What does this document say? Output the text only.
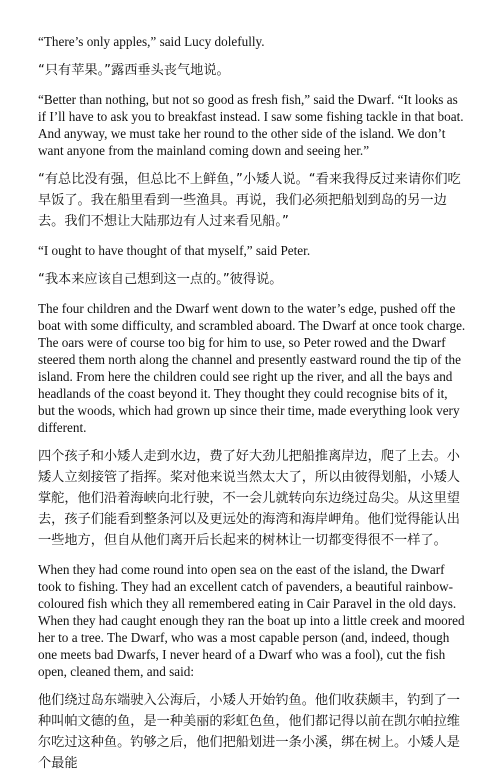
“There’s only apples,” said Lucy dolefully.

“只有苹果。”露西垂头丧气地说。

“Better than nothing, but not so good as fresh fish,” said the Dwarf. “It looks as if I’ll have to ask you to breakfast instead. I saw some fishing tackle in that boat. And anyway, we must take her round to the other side of the island. We don’t want anyone from the mainland coming down and seeing her.”

“有总比没有强，但总比不上鲜鱼，”小矮人说。“看来我得反过来请你们吃早饭了。我在船里看到一些渔具。再说，我们必须把船划到岛的另一边去。我们不想让大陆那边有人过来看见船。”

“I ought to have thought of that myself,” said Peter.

“我本来应该自己想到这一点的。”彼得说。

The four children and the Dwarf went down to the water’s edge, pushed off the boat with some difficulty, and scrambled aboard. The Dwarf at once took charge. The oars were of course too big for him to use, so Peter rowed and the Dwarf steered them north along the channel and presently eastward round the tip of the island. From here the children could see right up the river, and all the bays and headlands of the coast beyond it. They thought they could recognise bits of it, but the woods, which had grown up since their time, made everything look very different.

四个孩子和小矮人走到水边，费了好大劲儿把船推离岸边，爬了上去。小矮人立刻接管了指挥。桨对他来说当然太大了，所以由彼得划船，小矮人掌舵，他们沿着海峡向北行驶，不一会儿就转向东边绕过岛尖。从这里望去，孩子们能看到整条河以及更远处的海湾和海岸岬角。他们觉得能认出一些地方，但自从他们离开后长起来的树林让一切都变得很不一样了。

When they had come round into open sea on the east of the island, the Dwarf took to fishing. They had an excellent catch of pavenders, a beautiful rainbow-coloured fish which they all remembered eating in Cair Paravel in the old days. When they had caught enough they ran the boat up into a little creek and moored her to a tree. The Dwarf, who was a most capable person (and, indeed, though one meets bad Dwarfs, I never heard of a Dwarf who was a fool), cut the fish open, cleaned them, and said:

他们绕过岛东端驶入公海后，小矮人开始钓鱼。他们收获颇丰，钓到了一种叫帕文德的鱼，是一种美丽的彩虹色鱼，他们都记得以前在凯尔帕拉维尔吃过这种鱼。钓够之后，他们把船划进一条小溪，绑在树上。小矮人是个最能
